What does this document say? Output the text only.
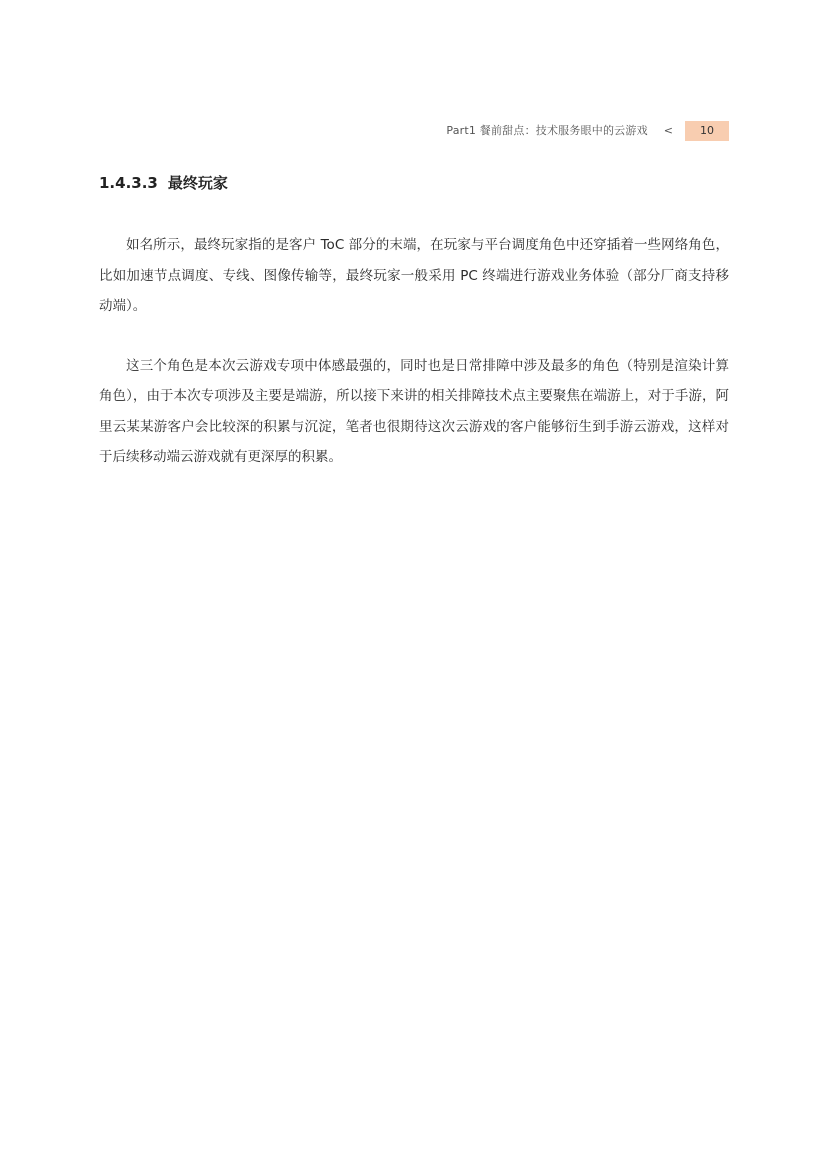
Part1 餐前甜点：技术服务眼中的云游戏 <	10
1.4.3.3 最终玩家

如名所示，最终玩家指的是客户 ToC 部分的末端，在玩家与平台调度角色中还穿插着一些网络角色，比如加速节点调度、专线、图像传输等，最终玩家一般采用 PC 终端进行游戏业务体验（部分厂商支持移动端）。

这三个角色是本次云游戏专项中体感最强的，同时也是日常排障中涉及最多的角色（特别是渲染计算角色），由于本次专项涉及主要是端游，所以接下来讲的相关排障技术点主要聚焦在端游上，对于手游，阿里云某某游客户会比较深的积累与沉淀，笔者也很期待这次云游戏的客户能够衍生到手游云游戏，这样对于后续移动端云游戏就有更深厚的积累。
